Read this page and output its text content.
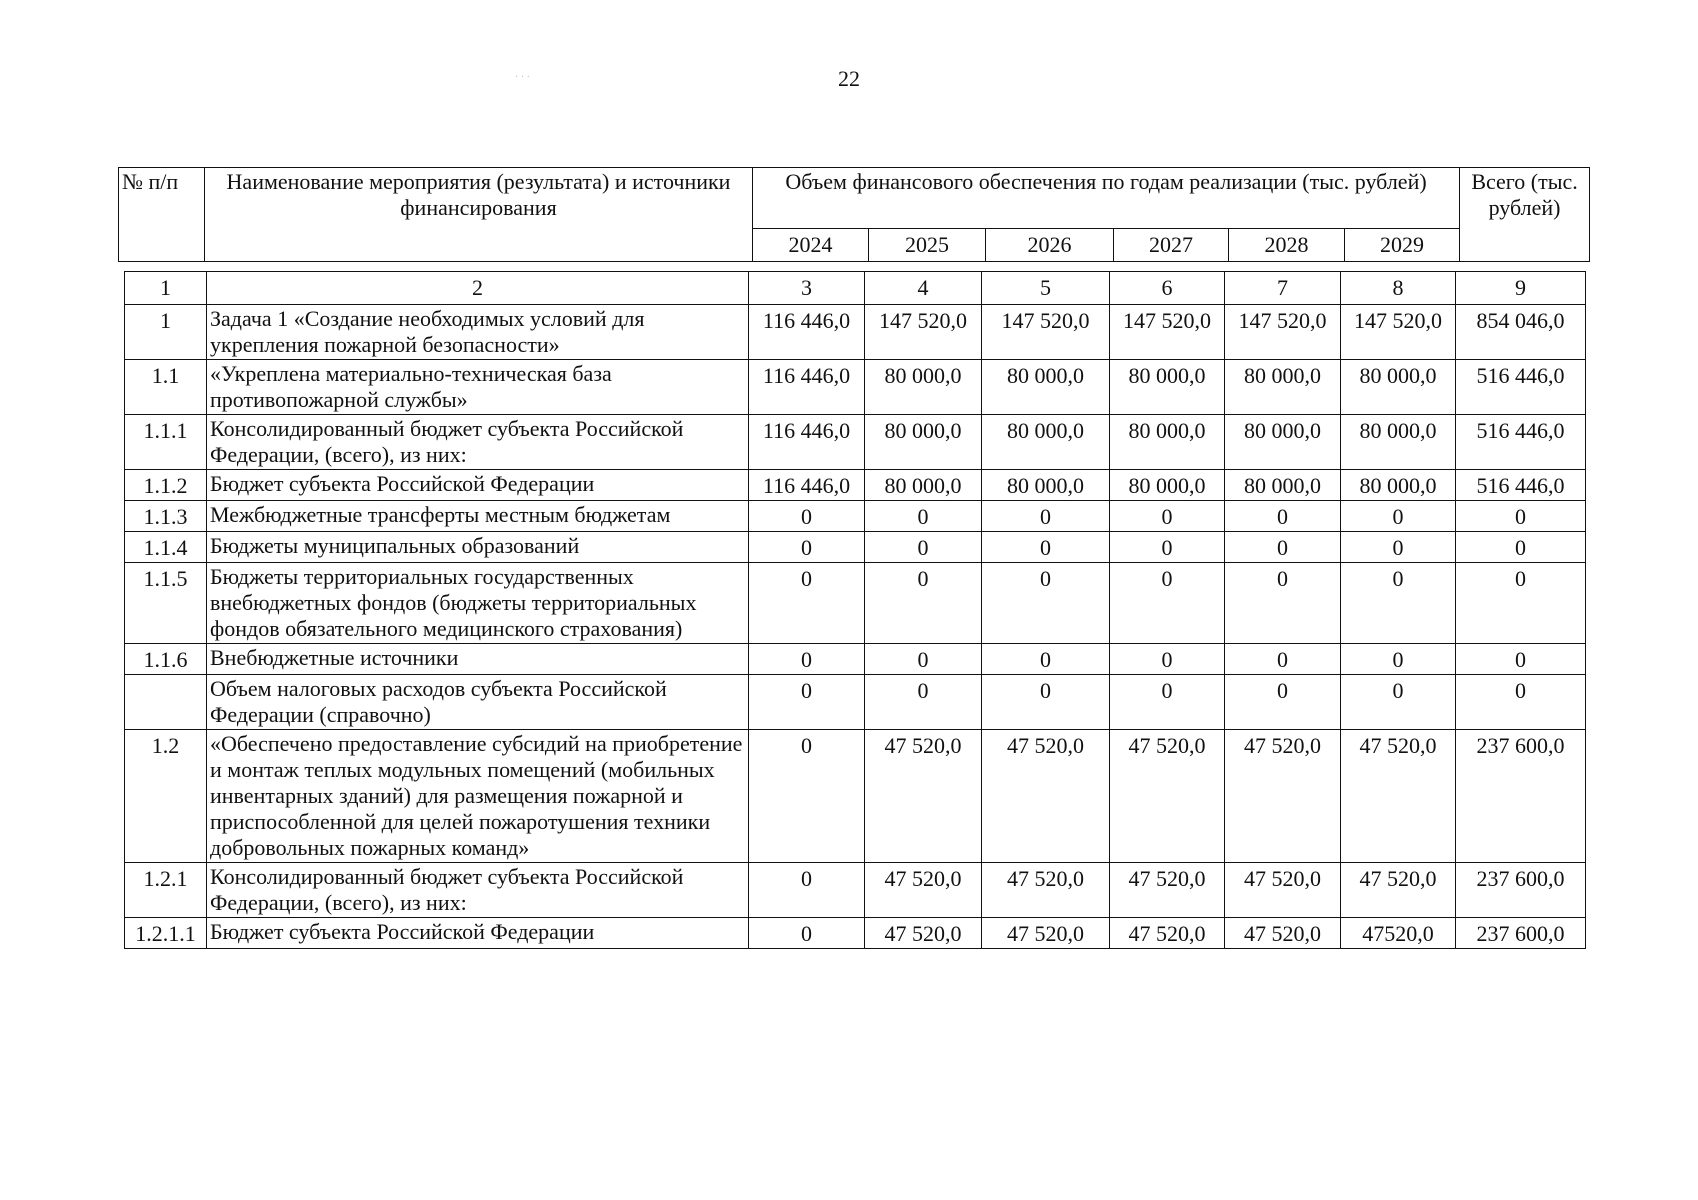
22
№ п/п	Наименование мероприятия (результата) и источники финансирования	Объем финансового обеспечения по годам реализации (тыс. рублей)						Всего (тыс. рублей)
		2024	2025	2026	2027	2028	2029	
1	2	3	4	5	6	7	8	9
1	Задача 1 «Создание необходимых условий для укрепления пожарной безопасности»	116 446,0	147 520,0	147 520,0	147 520,0	147 520,0	147 520,0	854 046,0
1.1	«Укреплена материально-техническая база противопожарной службы»	116 446,0	80 000,0	80 000,0	80 000,0	80 000,0	80 000,0	516 446,0
1.1.1	Консолидированный бюджет субъекта Российской Федерации, (всего), из них:	116 446,0	80 000,0	80 000,0	80 000,0	80 000,0	80 000,0	516 446,0
1.1.2	Бюджет субъекта Российской Федерации	116 446,0	80 000,0	80 000,0	80 000,0	80 000,0	80 000,0	516 446,0
1.1.3	Межбюджетные трансферты местным бюджетам	0	0	0	0	0	0	0
1.1.4	Бюджеты муниципальных образований	0	0	0	0	0	0	0
1.1.5	Бюджеты территориальных государственных внебюджетных фондов (бюджеты территориальных фондов обязательного медицинского страхования)	0	0	0	0	0	0	0
1.1.6	Внебюджетные источники	0	0	0	0	0	0	0
	Объем налоговых расходов субъекта Российской Федерации (справочно)	0	0	0	0	0	0	0
1.2	«Обеспечено предоставление субсидий на приобретение и монтаж теплых модульных помещений (мобильных инвентарных зданий) для размещения пожарной и приспособленной для целей пожаротушения техники добровольных пожарных команд»	0	47 520,0	47 520,0	47 520,0	47 520,0	47 520,0	237 600,0
1.2.1	Консолидированный бюджет субъекта Российской Федерации, (всего), из них:	0	47 520,0	47 520,0	47 520,0	47 520,0	47 520,0	237 600,0
1.2.1.1	Бюджет субъекта Российской Федерации	0	47 520,0	47 520,0	47 520,0	47 520,0	47520,0	237 600,0
· · ·
